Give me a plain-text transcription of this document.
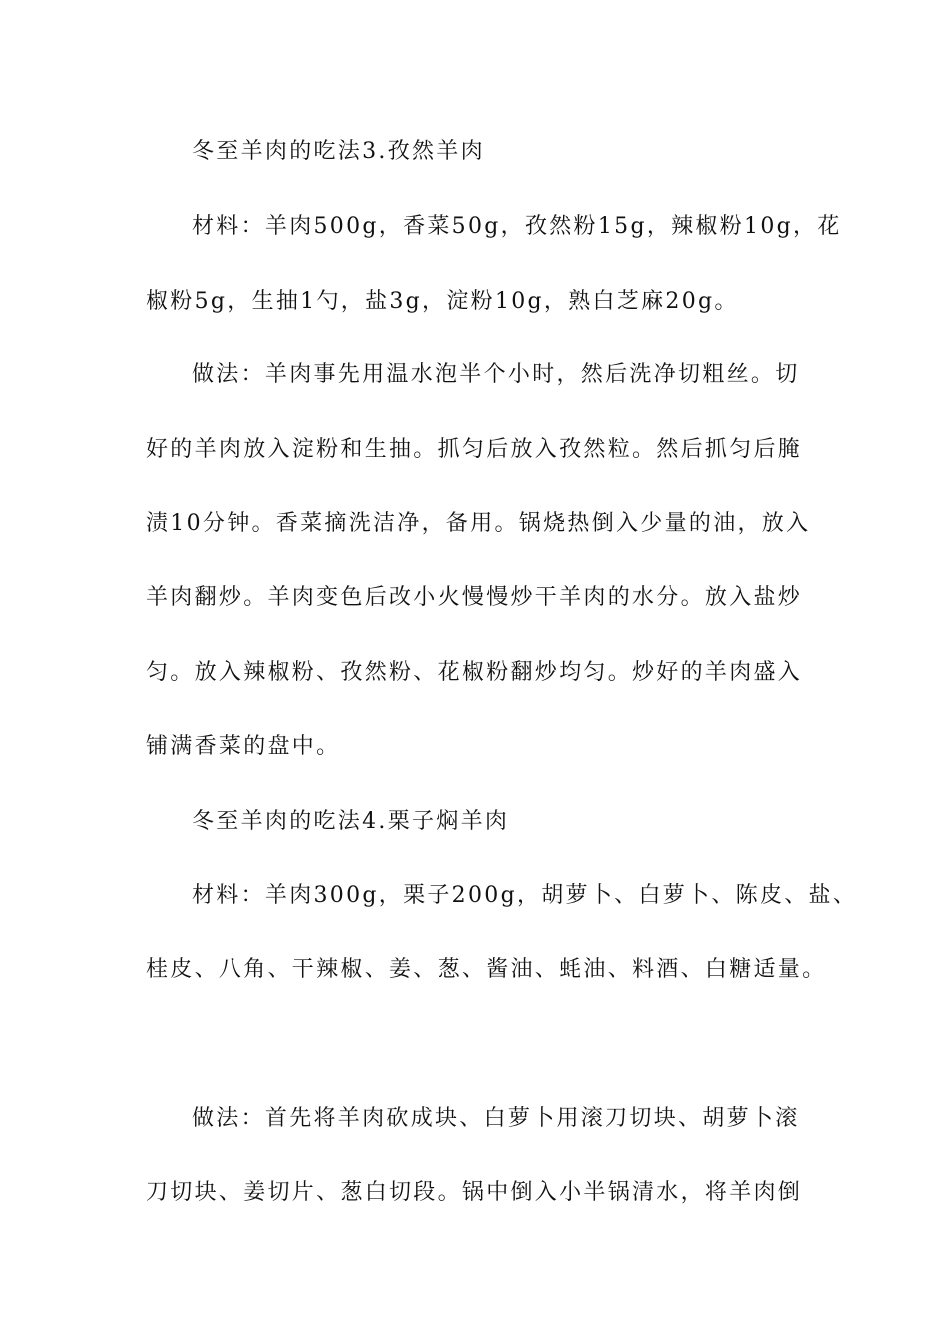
冬至羊肉的吃法3.孜然羊肉
材料：羊肉500g，香菜50g，孜然粉15g，辣椒粉10g，花
椒粉5g，生抽1勺，盐3g，淀粉10g，熟白芝麻20g。
做法：羊肉事先用温水泡半个小时，然后洗净切粗丝。切
好的羊肉放入淀粉和生抽。抓匀后放入孜然粒。然后抓匀后腌
渍10分钟。香菜摘洗洁净，备用。锅烧热倒入少量的油，放入
羊肉翻炒。羊肉变色后改小火慢慢炒干羊肉的水分。放入盐炒
匀。放入辣椒粉、孜然粉、花椒粉翻炒均匀。炒好的羊肉盛入
铺满香菜的盘中。
冬至羊肉的吃法4.栗子焖羊肉
材料：羊肉300g，栗子200g，胡萝卜、白萝卜、陈皮、盐、
桂皮、八角、干辣椒、姜、葱、酱油、蚝油、料酒、白糖适量。
做法：首先将羊肉砍成块、白萝卜用滚刀切块、胡萝卜滚
刀切块、姜切片、葱白切段。锅中倒入小半锅清水，将羊肉倒
